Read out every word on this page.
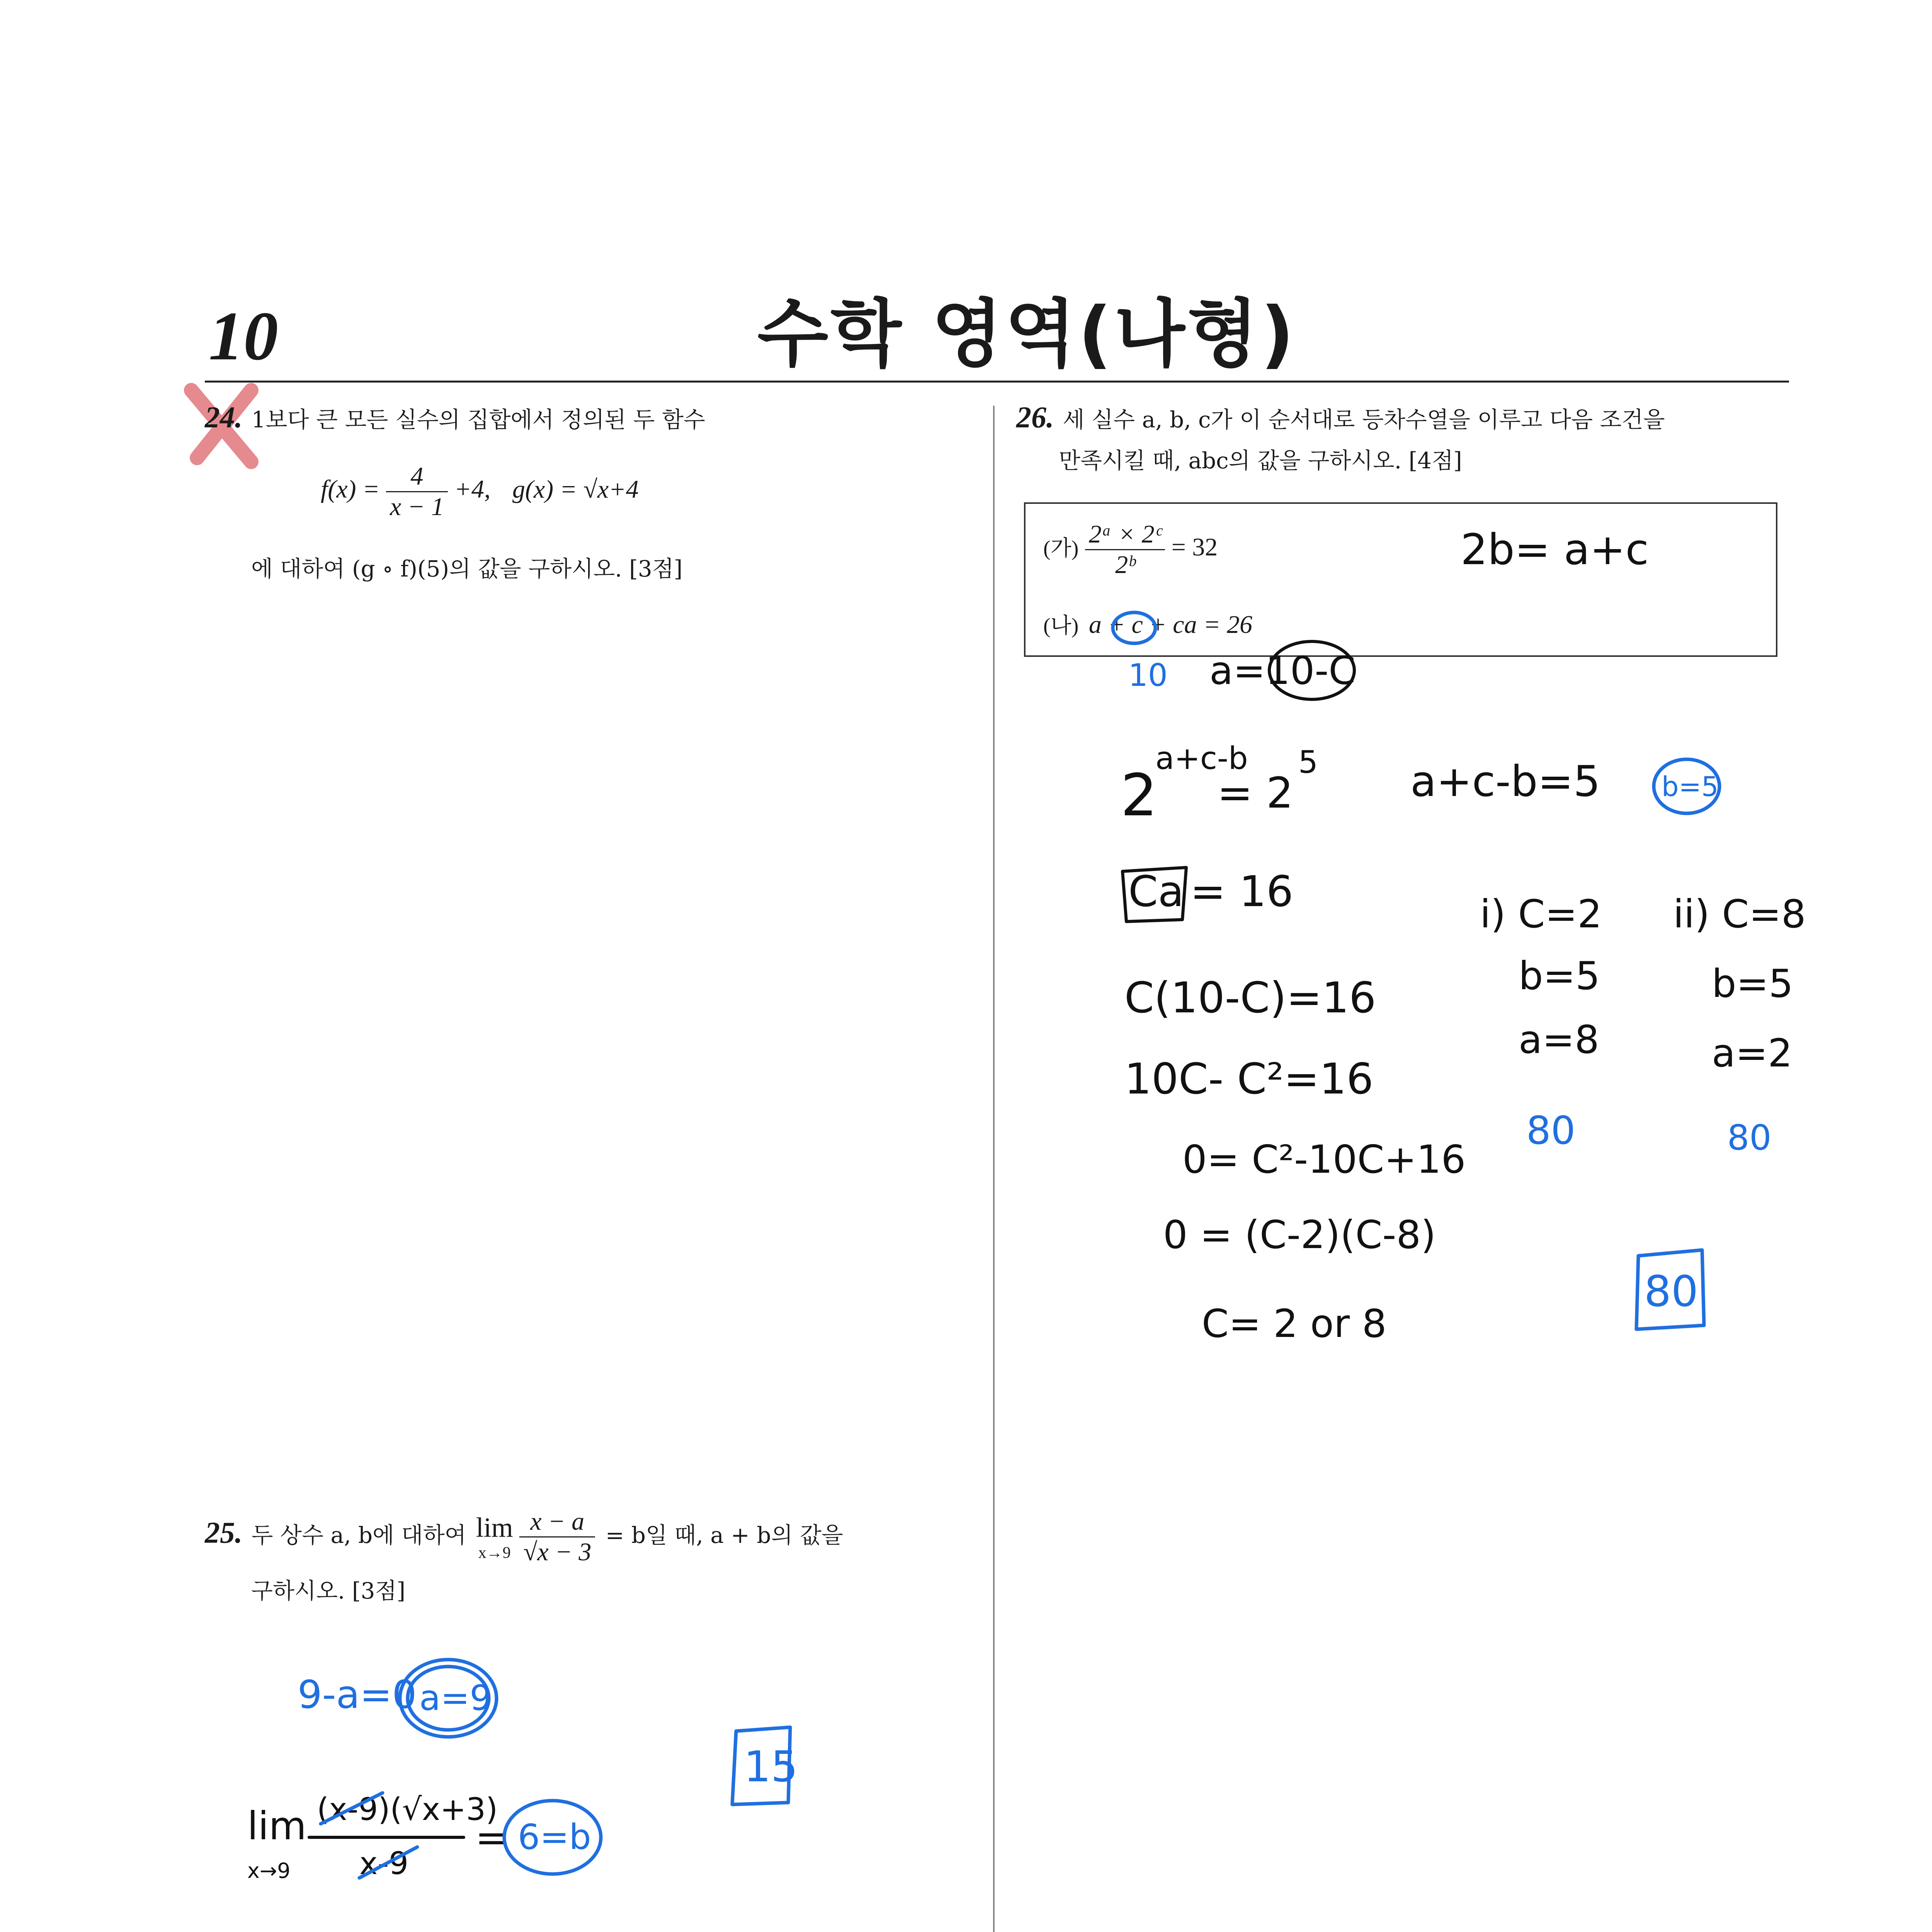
10	수학 영역(나형)
24. 1보다 큰 모든 실수의 집합에서 정의된 두 함수
$f(x) = \frac{4}{x - 1} +4$, g(x) = √x+4
에 대하여 (g ∘ f)(5)의 값을 구하시오. [3점]
25. 두 상수 a, b에 대하여 lim
x→9
$\frac{x - a}{√x - 3} = b$일 때, a + b의 값을
구하시오. [3점]
26. 세 실수 a, b, c가 이 순서대로 등차수열을 이루고 다음 조건을
만족시킬 때, abc의 값을 구하시오. [4점]
(가) $\frac{\text{2ᵃ × 2ᶜ}}{\text{2ᵇ}} = 32$
(나) a + c + ca = 26
9-a=0 a=9
lim
x→9
(x-9)(√x+3)
x-9
= 6=b
15
2b= a+c
10 a=10-C
2
a+c-b
= 2
5 a+c-b=5 b=5
Ca = 16
C(10-C)=16
10C- C²=16
0= C²-10C+16
0 = (C-2)(C-8)
C= 2 or 8
i) C=2
b=5
a=8
80
ii) C=8
b=5
a=2
80
80
